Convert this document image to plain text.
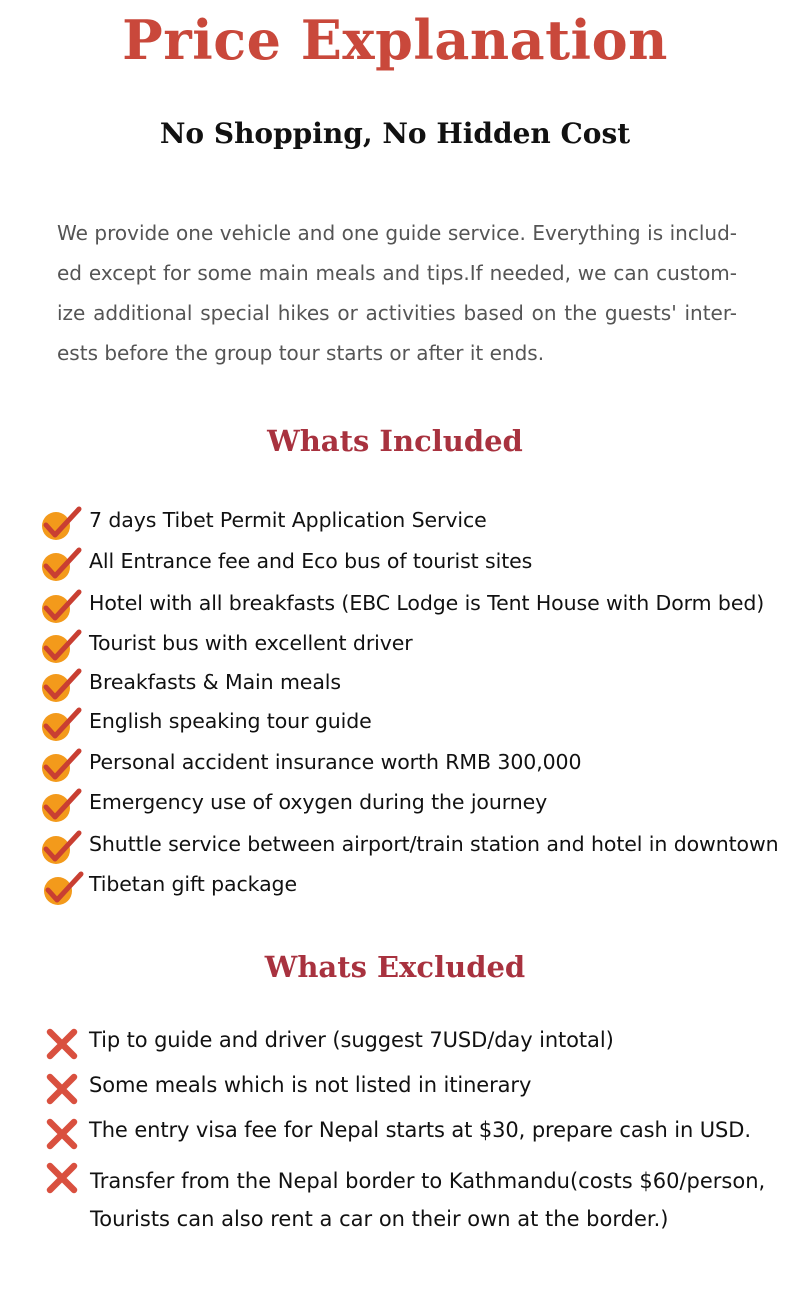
Price Explanation
No Shopping, No Hidden Cost

We provide one vehicle and one guide service. Everything is includ-ed except for some main meals and tips.If needed, we can custom-ize additional special hikes or activities based on the guests' inter-ests before the group tour starts or after it ends.

Whats Included
7 days Tibet Permit Application Service
All Entrance fee and Eco bus of tourist sites
Hotel with all breakfasts (EBC Lodge is Tent House with Dorm bed)
Tourist bus with excellent driver
Breakfasts & Main meals
English speaking tour guide
Personal accident insurance worth RMB 300,000
Emergency use of oxygen during the journey
Shuttle service between airport/train station and hotel in downtown
Tibetan gift package
Whats Excluded
Tip to guide and driver (suggest 7USD/day intotal)
Some meals which is not listed in itinerary
The entry visa fee for Nepal starts at $30, prepare cash in USD.

Transfer from the Nepal border to Kathmandu(costs $60/person, Tourists can also rent a car on their own at the border.)
